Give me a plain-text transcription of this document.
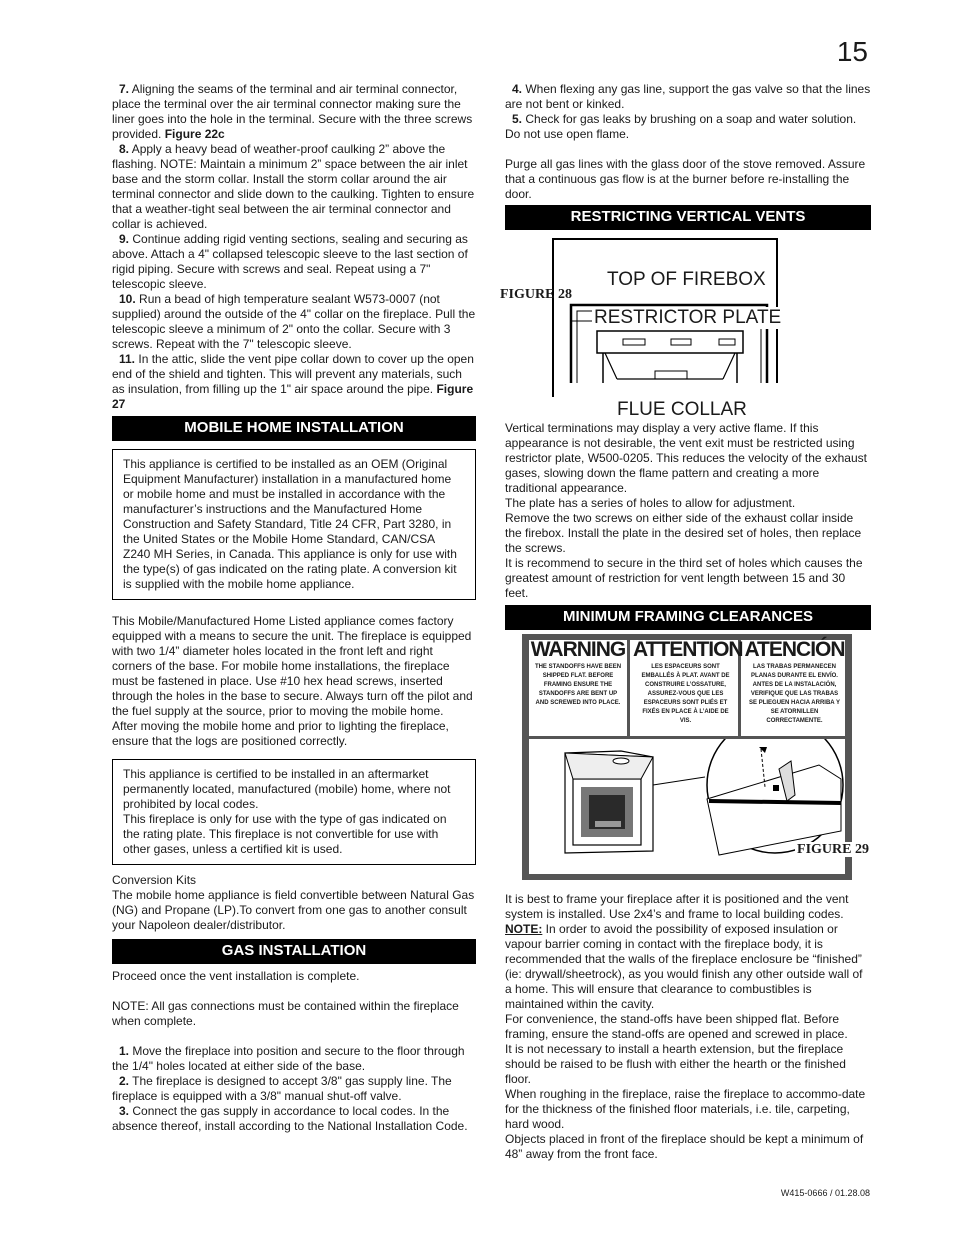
15

7. Aligning the seams of the terminal and air terminal connector, place the terminal over the air terminal connector making sure the liner goes into the hole in the terminal. Secure with the three screws provided. Figure 22c

8. Apply a heavy bead of weather-proof caulking 2” above the flashing. NOTE: Maintain a minimum 2” space between the air inlet base and the storm collar. Install the storm collar around the air terminal connector and slide down to the caulking. Tighten to ensure that a weather-tight seal between the air terminal connector and collar is achieved.

9. Continue adding rigid venting sections, sealing and securing as above. Attach a 4" collapsed telescopic sleeve to the last section of rigid piping. Secure with screws and seal. Repeat using a 7" telescopic sleeve.

10. Run a bead of high temperature sealant W573-0007 (not supplied) around the outside of the 4" collar on the fireplace. Pull the telescopic sleeve a minimum of 2" onto the collar. Secure with 3 screws. Repeat with the 7" telescopic sleeve.

11. In the attic, slide the vent pipe collar down to cover up the open end of the shield and tighten. This will prevent any materials, such as insulation, from filling up the 1" air space around the pipe. Figure 27

MOBILE HOME INSTALLATION

This appliance is certified to be installed as an OEM (Original Equipment Manufacturer) installation in a manufactured home or mobile home and must be installed in accordance with the manufacturer’s instructions and the Manufactured Home Construction and Safety Standard, Title 24 CFR, Part 3280, in the United States or the Mobile Home Standard, CAN/CSA Z240 MH Series, in Canada. This appliance is only for use with the type(s) of gas indicated on the rating plate. A conversion kit is supplied with the mobile home appliance.

This Mobile/Manufactured Home Listed appliance comes factory equipped with a means to secure the unit. The fireplace is equipped with two 1/4” diameter holes located in the front left and right corners of the base. For mobile home installations, the fireplace must be fastened in place. Use #10 hex head screws, inserted through the holes in the base to secure. Always turn off the pilot and the fuel supply at the source, prior to moving the mobile home.

After moving the mobile home and prior to lighting the fireplace, ensure that the logs are positioned correctly.

This appliance is certified to be installed in an aftermarket permanently located, manufactured (mobile) home, where not prohibited by local codes.

This fireplace is only for use with the type of gas indicated on the rating plate. This fireplace is not convertible for use with other gases, unless a certified kit is used.

Conversion Kits

The mobile home appliance is field convertible between Natural Gas (NG) and Propane (LP).To convert from one gas to another consult your Napoleon dealer/distributor.

GAS INSTALLATION

Proceed once the vent installation is complete.

NOTE: All gas connections must be contained within the fireplace when complete.

1. Move the fireplace into position and secure to the floor through the 1/4" holes located at either side of the base.

2. The fireplace is designed to accept 3/8" gas supply line. The fireplace is equipped with a 3/8" manual shut-off valve.

3. Connect the gas supply in accordance to local codes. In the absence thereof, install according to the National Installation Code.

4. When flexing any gas line, support the gas valve so that the lines are not bent or kinked.

5. Check for gas leaks by brushing on a soap and water solution.

Do not use open flame.

Purge all gas lines with the glass door of the stove removed. Assure that a continuous gas flow is at the burner before re-installing the door.

RESTRICTING VERTICAL VENTS
FIGURE 28
TOP OF FIREBOX
RESTRICTOR PLATE
FLUE COLLAR

Vertical terminations may display a very active flame. If this appearance is not desirable, the vent exit must be restricted using restrictor plate, W500-0205. This reduces the velocity of the exhaust gases, slowing down the flame pattern and creating a more traditional appearance.

The plate has a series of holes to allow for adjustment.

Remove the two screws on either side of the exhaust collar inside the firebox. Install the plate in the desired set of holes, then replace the screws.

It is recommend to secure in the third set of holes which causes the greatest amount of restriction for vent length between 15 and 30 feet.

MINIMUM FRAMING CLEARANCES
WARNING
THE STANDOFFS HAVE BEEN SHIPPED FLAT. BEFORE FRAMING ENSURE THE STANDOFFS ARE BENT UP AND SCREWED INTO PLACE.
ATTENTION
LES ESPACEURS SONT EMBALLÉS À PLAT. AVANT DE CONSTRUIRE L’OSSATURE, ASSUREZ-VOUS QUE LES ESPACEURS SONT PLIÉS ET FIXÉS EN PLACE À L’AIDE DE VIS.
ATENCIÓN
LAS TRABAS PERMANECEN PLANAS DURANTE EL ENVÍO. ANTES DE LA INSTALACIÓN, VERIFIQUE QUE LAS TRABAS SE PLIEGUEN HACIA ARRIBA Y SE ATORNILLEN CORRECTAMENTE.
FIGURE 29

It is best to frame your fireplace after it is positioned and the vent system is installed. Use 2x4’s and frame to local building codes.

NOTE: In order to avoid the possibility of exposed insulation or vapour barrier coming in contact with the fireplace body, it is recommended that the walls of the fireplace enclosure be “finished” (ie: drywall/sheetrock), as you would finish any other outside wall of a home. This will ensure that clearance to combustibles is maintained within the cavity.

For convenience, the stand-offs have been shipped flat. Before framing, ensure the stand-offs are opened and screwed in place.

It is not necessary to install a hearth extension, but the fireplace should be raised to be flush with either the hearth or the finished floor.

When roughing in the fireplace, raise the fireplace to accommo-date for the thickness of the finished floor materials, i.e. tile, carpeting, hard wood.

Objects placed in front of the fireplace should be kept a minimum of 48” away from the front face.

W415-0666 / 01.28.08
